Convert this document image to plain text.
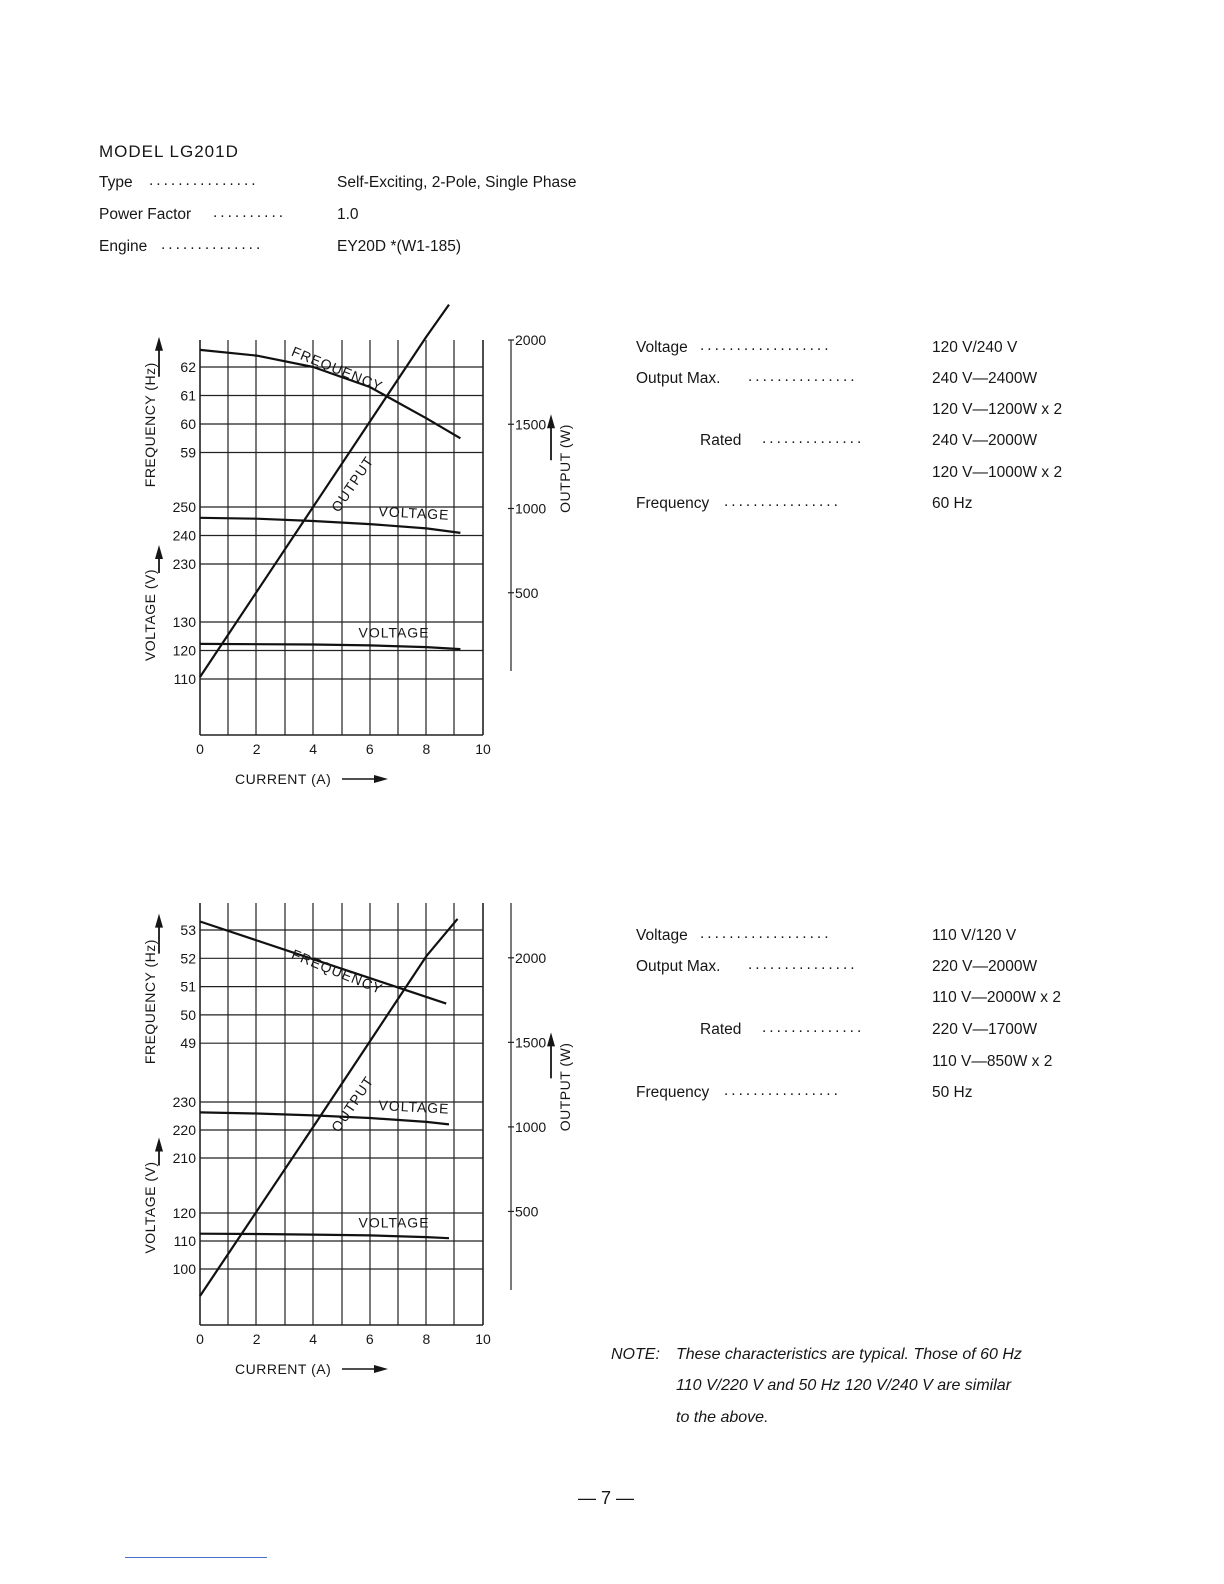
MODEL LG201D
Type ...............	Self-Exciting, 2-Pole, Single Phase
Power Factor ..........	1.0
Engine ..............	EY20D *(W1-185)
62
61
60
59
250
240
230
130
120
110
0	2	4	6	8	10
CURRENT (A)
FREQUENCY (Hz)
VOLTAGE (V)
2000
1500
1000
500
OUTPUT (W)
FREQUENCY
VOLTAGE
VOLTAGE
OUTPUT
53
52
51
50
49
230
220
210
120
110
100
0	2	4	6	8	10
CURRENT (A)
FREQUENCY (Hz)
VOLTAGE (V)
2000
1500
1000
500
OUTPUT (W)
FREQUENCY
VOLTAGE
VOLTAGE
OUTPUT
Voltage ..................	120 V/240 V
Output Max. ...............	240 V—2400W
120 V—1200W x 2
Rated ..............	240 V—2000W
120 V—1000W x 2
Frequency ................	60 Hz
Voltage ..................	110 V/120 V
Output Max. ...............	220 V—2000W
110 V—2000W x 2
Rated ..............	220 V—1700W
110 V—850W x 2
Frequency ................	50 Hz
NOTE: These characteristics are typical. Those of 60 Hz
110 V/220 V and 50 Hz 120 V/240 V are similar
to the above.
— 7 —
